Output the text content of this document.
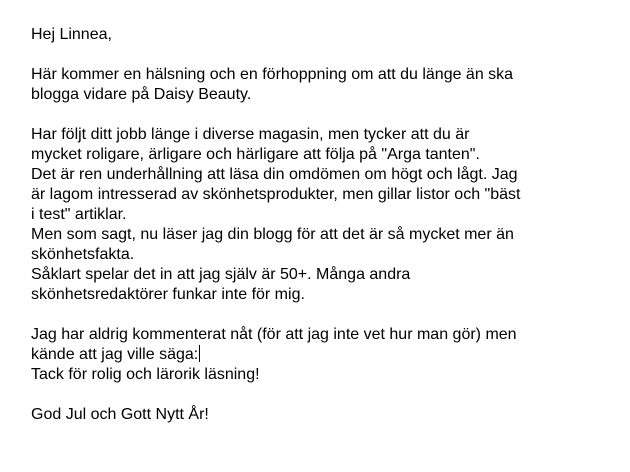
Hej Linnea,
Här kommer en hälsning och en förhoppning om att du länge än ska
blogga vidare på Daisy Beauty.
Har följt ditt jobb länge i diverse magasin, men tycker att du är
mycket roligare, ärligare och härligare att följa på "Arga tanten".
Det är ren underhållning att läsa din omdömen om högt och lågt. Jag
är lagom intresserad av skönhetsprodukter, men gillar listor och "bäst
i test" artiklar.
Men som sagt, nu läser jag din blogg för att det är så mycket mer än
skönhetsfakta.
Såklart spelar det in att jag själv är 50+. Många andra
skönhetsredaktörer funkar inte för mig.
Jag har aldrig kommenterat nåt (för att jag inte vet hur man gör) men
kände att jag ville säga:
Tack för rolig och lärorik läsning!
God Jul och Gott Nytt År!
